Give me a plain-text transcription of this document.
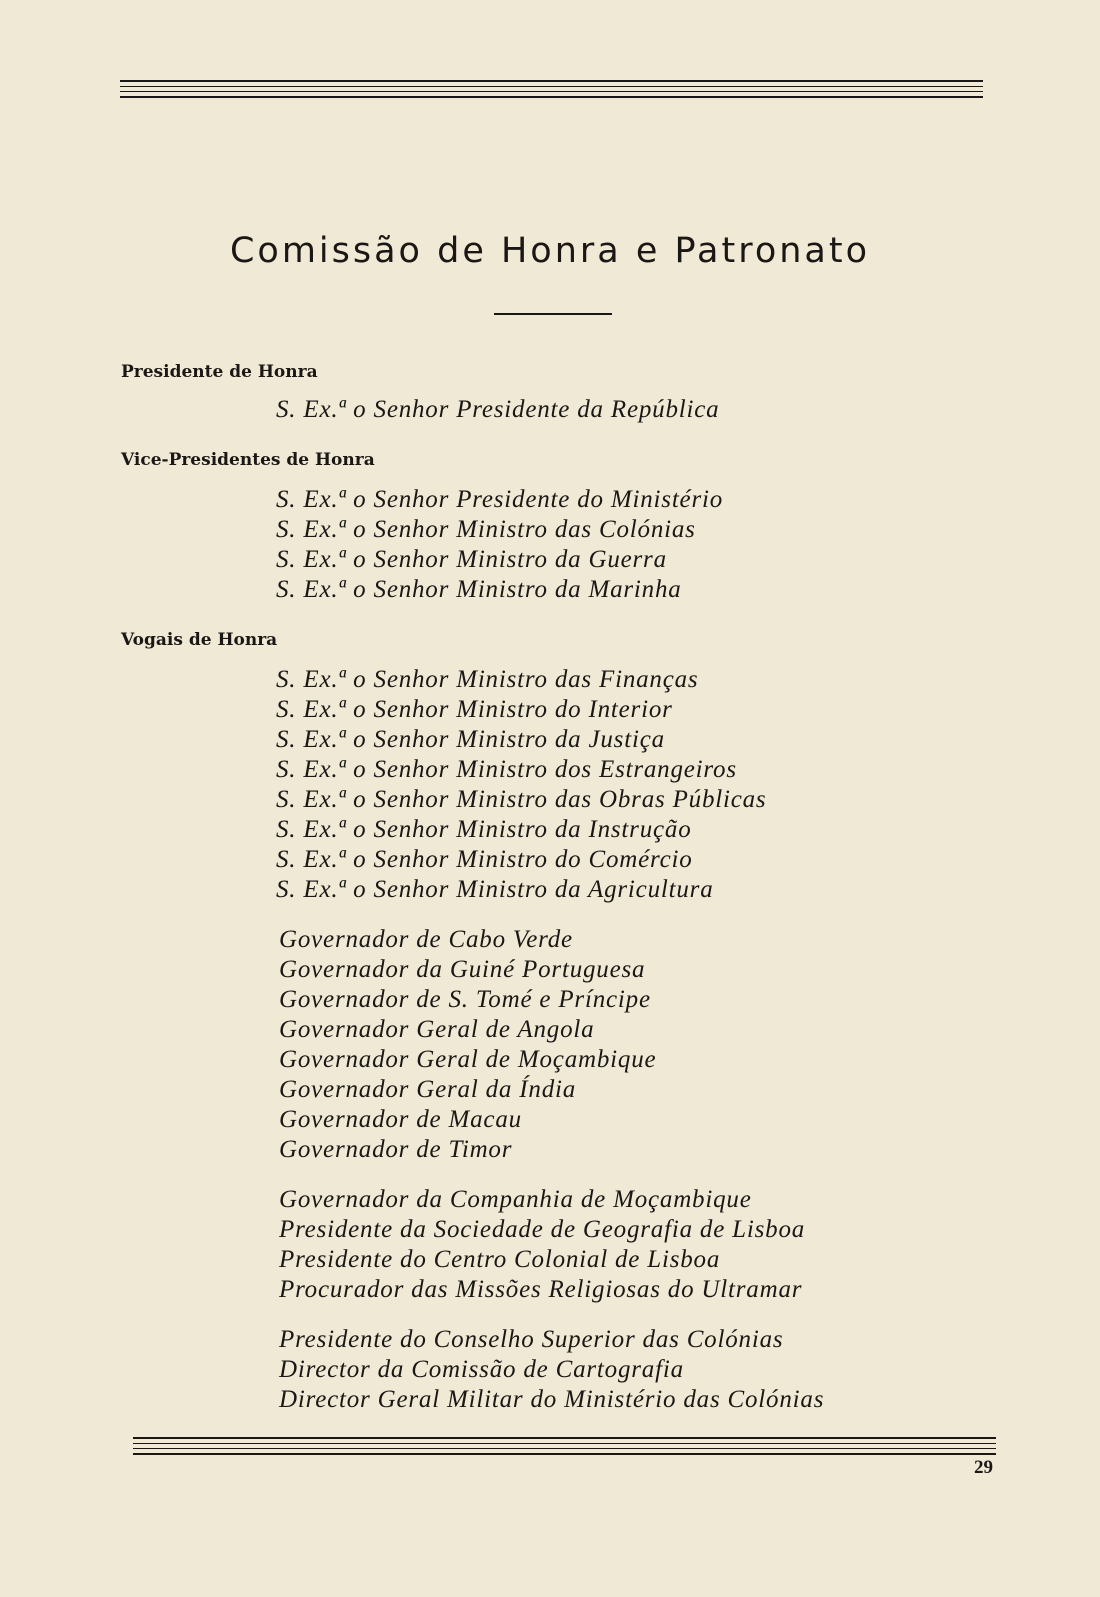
Comissão de Honra e Patronato
Presidente de Honra
S. Ex.ª o Senhor Presidente da República
Vice-Presidentes de Honra
S. Ex.ª o Senhor Presidente do Ministério
S. Ex.ª o Senhor Ministro das Colónias
S. Ex.ª o Senhor Ministro da Guerra
S. Ex.ª o Senhor Ministro da Marinha
Vogais de Honra
S. Ex.ª o Senhor Ministro das Finanças
S. Ex.ª o Senhor Ministro do Interior
S. Ex.ª o Senhor Ministro da Justiça
S. Ex.ª o Senhor Ministro dos Estrangeiros
S. Ex.ª o Senhor Ministro das Obras Públicas
S. Ex.ª o Senhor Ministro da Instrução
S. Ex.ª o Senhor Ministro do Comércio
S. Ex.ª o Senhor Ministro da Agricultura
Governador de Cabo Verde
Governador da Guiné Portuguesa
Governador de S. Tomé e Príncipe
Governador Geral de Angola
Governador Geral de Moçambique
Governador Geral da Índia
Governador de Macau
Governador de Timor
Governador da Companhia de Moçambique
Presidente da Sociedade de Geografia de Lisboa
Presidente do Centro Colonial de Lisboa
Procurador das Missões Religiosas do Ultramar
Presidente do Conselho Superior das Colónias
Director da Comissão de Cartografia
Director Geral Militar do Ministério das Colónias
29
